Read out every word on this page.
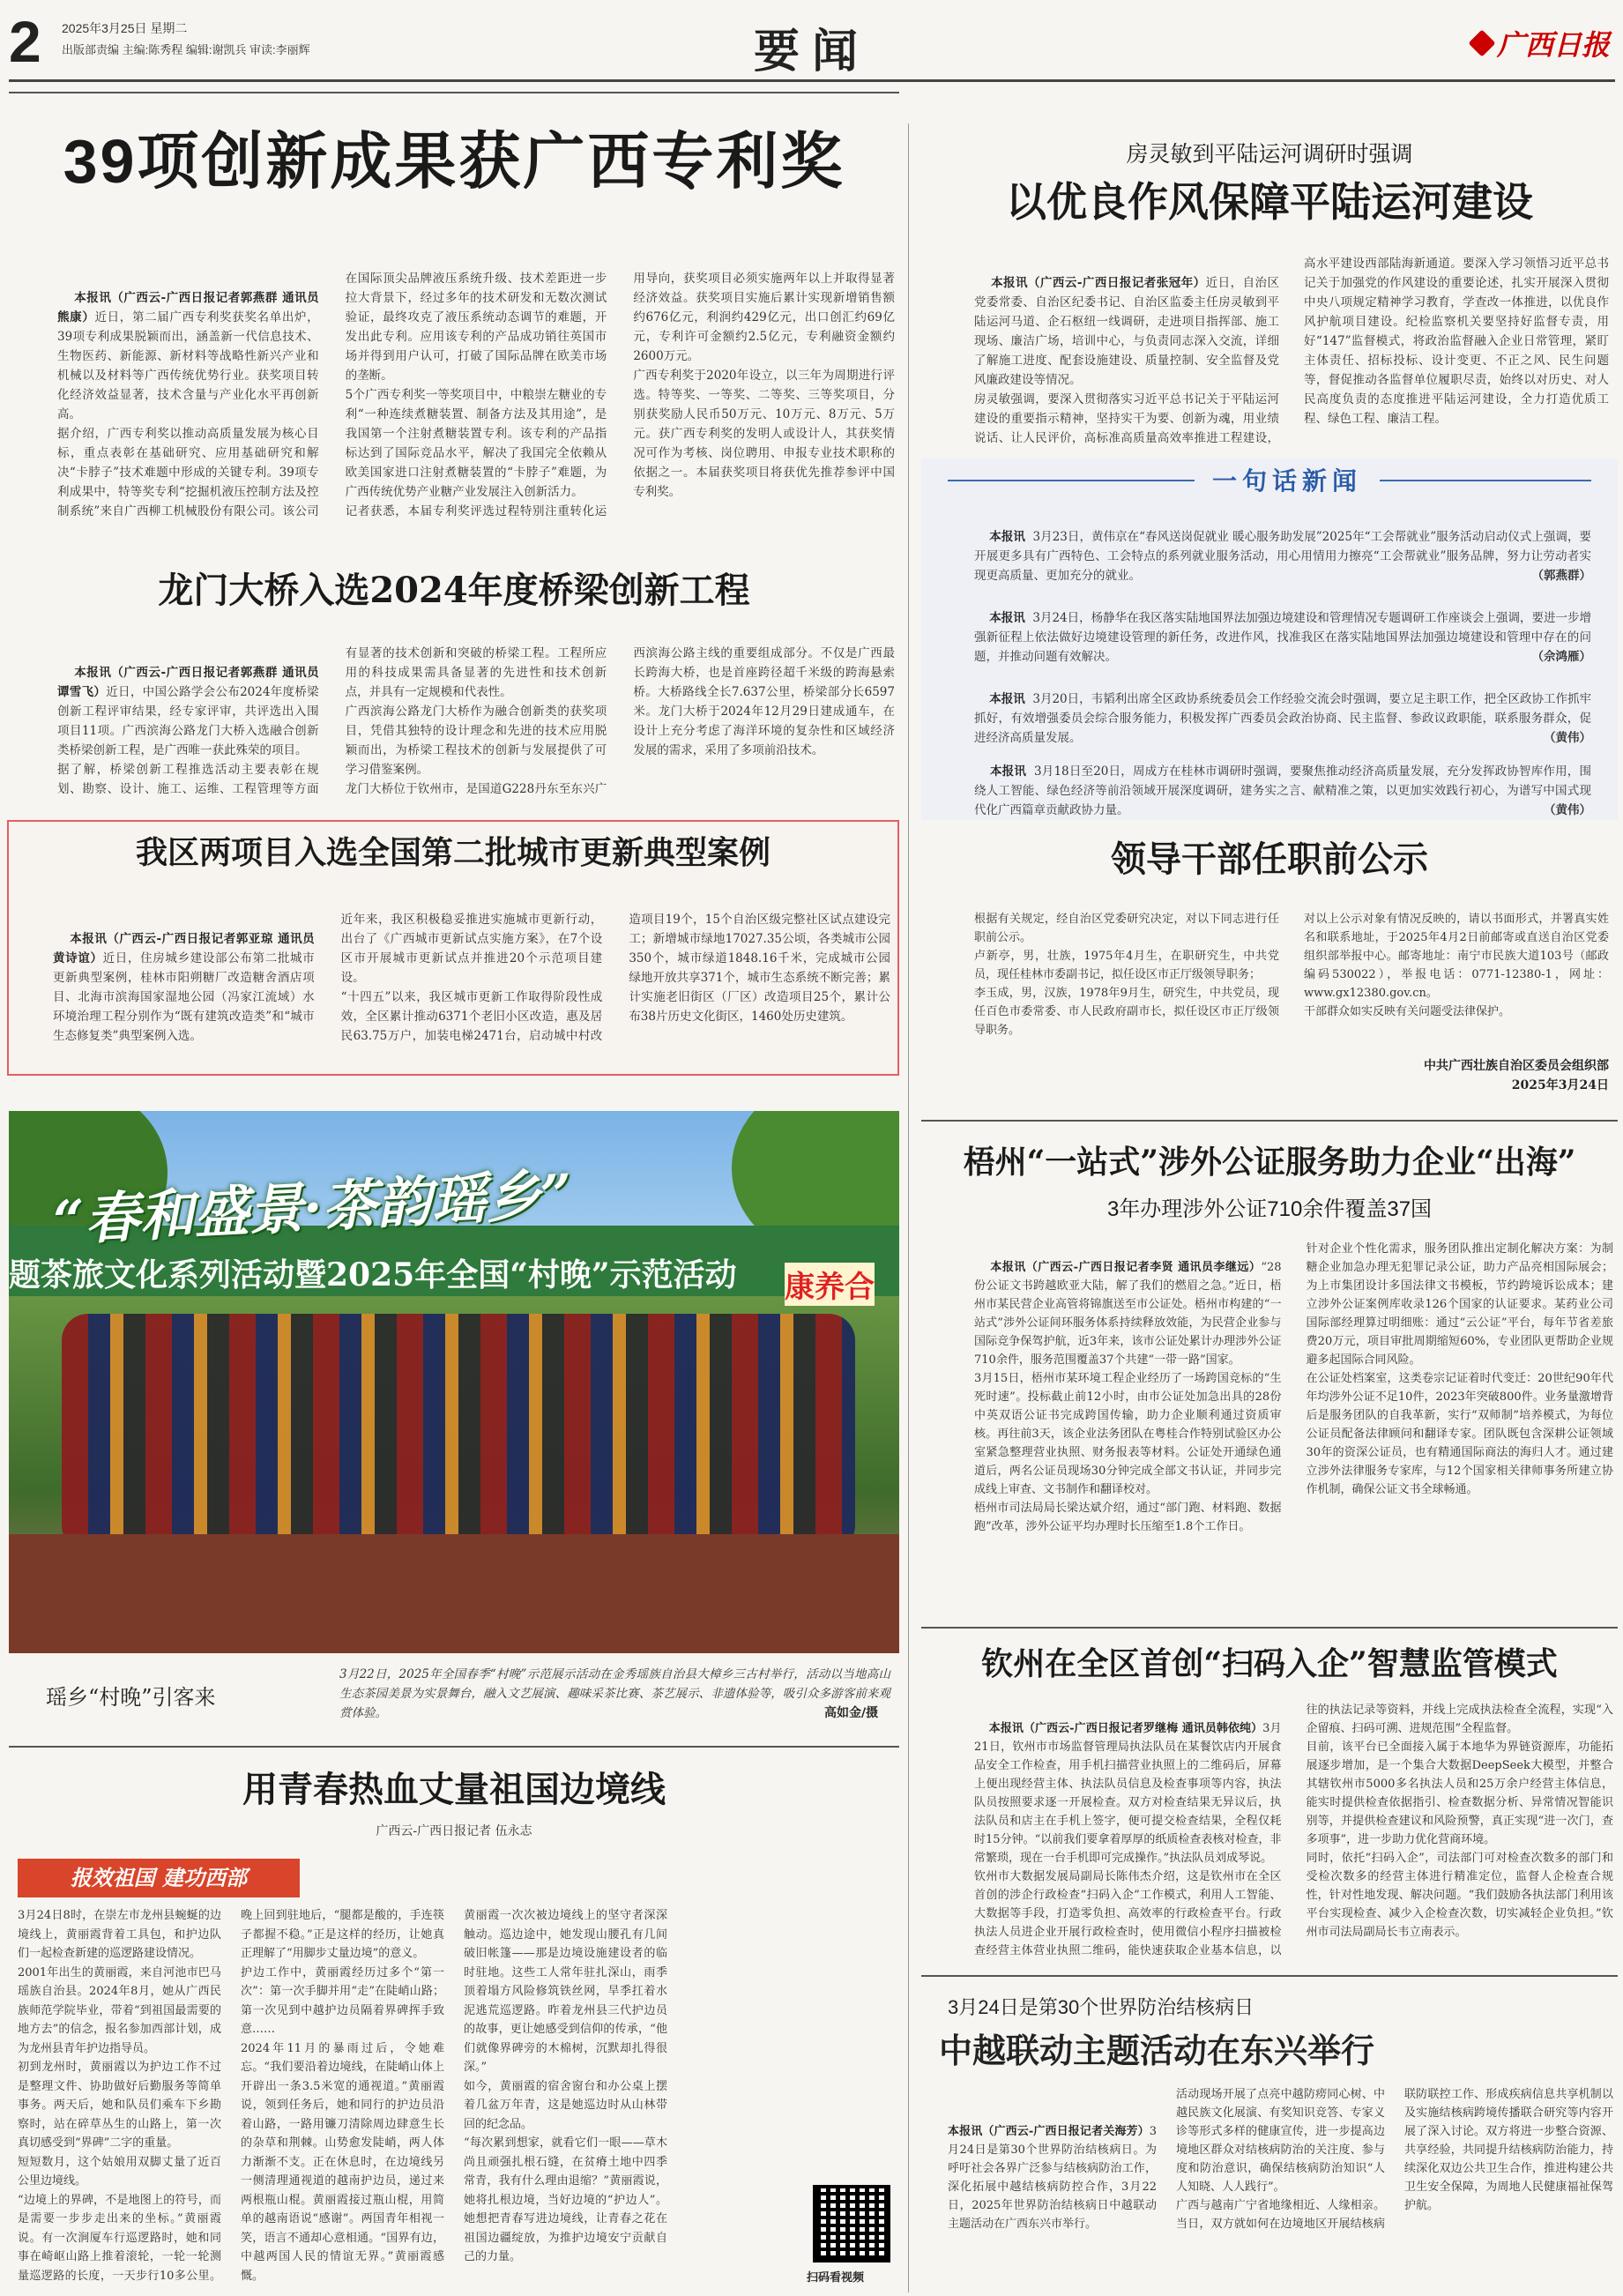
2 2025年3月25日 星期二
出版部责编 主编:陈秀程 编辑:谢凯兵 审读:李丽辉	要闻	广西日报
39项创新成果获广西专利奖

本报讯（广西云-广西日报记者郭燕群 通讯员熊康）近日，第二届广西专利奖获奖名单出炉，39项专利成果脱颖而出，涵盖新一代信息技术、生物医药、新能源、新材料等战略性新兴产业和机械以及材料等广西传统优势行业。获奖项目转化经济效益显著，技术含量与产业化水平再创新高。
据介绍，广西专利奖以推动高质量发展为核心目标，重点表彰在基础研究、应用基础研究和解决“卡脖子”技术难题中形成的关键专利。39项专利成果中，特等奖专利“挖掘机液压控制方法及控制系统”来自广西柳工机械股份有限公司。该公司在国际顶尖品牌液压系统升级、技术差距进一步拉大背景下，经过多年的技术研发和无数次测试验证，最终攻克了液压系统动态调节的难题，开发出此专利。应用该专利的产品成功销往英国市场并得到用户认可，打破了国际品牌在欧美市场的垄断。
5个广西专利奖一等奖项目中，中粮崇左糖业的专利“一种连续煮糖装置、制备方法及其用途”，是我国第一个注射煮糖装置专利。该专利的产品指标达到了国际竞品水平，解决了我国完全依赖从欧美国家进口注射煮糖装置的“卡脖子”难题，为广西传统优势产业糖产业发展注入创新活力。
记者获悉，本届专利奖评选过程特别注重转化运用导向，获奖项目必须实施两年以上并取得显著经济效益。获奖项目实施后累计实现新增销售额约676亿元，利润约429亿元，出口创汇约69亿元，专利许可金额约2.5亿元，专利融资金额约2600万元。
广西专利奖于2020年设立，以三年为周期进行评选。特等奖、一等奖、二等奖、三等奖项目，分别获奖励人民币50万元、10万元、8万元、5万元。获广西专利奖的发明人或设计人，其获奖情况可作为考核、岗位聘用、申报专业技术职称的依据之一。本届获奖项目将获优先推荐参评中国专利奖。

龙门大桥入选2024年度桥梁创新工程

本报讯（广西云-广西日报记者郭燕群 通讯员谭雪飞）近日，中国公路学会公布2024年度桥梁创新工程评审结果，经专家评审，共评选出入围项目11项。广西滨海公路龙门大桥入选融合创新类桥梁创新工程，是广西唯一获此殊荣的项目。
据了解，桥梁创新工程推选活动主要表彰在规划、勘察、设计、施工、运维、工程管理等方面有显著的技术创新和突破的桥梁工程。工程所应用的科技成果需具备显著的先进性和技术创新点，并具有一定规模和代表性。
广西滨海公路龙门大桥作为融合创新类的获奖项目，凭借其独特的设计理念和先进的技术应用脱颖而出，为桥梁工程技术的创新与发展提供了可学习借鉴案例。
龙门大桥位于钦州市，是国道G228丹东至东兴广西滨海公路主线的重要组成部分。不仅是广西最长跨海大桥，也是首座跨径超千米级的跨海悬索桥。大桥路线全长7.637公里，桥梁部分长6597米。龙门大桥于2024年12月29日建成通车，在设计上充分考虑了海洋环境的复杂性和区域经济发展的需求，采用了多项前沿技术。

我区两项目入选全国第二批城市更新典型案例

本报讯（广西云-广西日报记者郭亚琼 通讯员黄诗谊）近日，住房城乡建设部公布第二批城市更新典型案例，桂林市阳朔糖厂改造糖舍酒店项目、北海市滨海国家湿地公园（冯家江流域）水环境治理工程分别作为“既有建筑改造类”和“城市生态修复类”典型案例入选。
近年来，我区积极稳妥推进实施城市更新行动，出台了《广西城市更新试点实施方案》，在7个设区市开展城市更新试点并推进20个示范项目建设。
“十四五”以来，我区城市更新工作取得阶段性成效，全区累计推动6371个老旧小区改造，惠及居民63.75万户，加装电梯2471台，启动城中村改造项目19个，15个自治区级完整社区试点建设完工；新增城市绿地17027.35公顷，各类城市公园350个，城市绿道1848.16千米，完成城市公园绿地开放共享371个，城市生态系统不断完善；累计实施老旧街区（厂区）改造项目25个，累计公布38片历史文化街区，1460处历史建筑。

房灵敏到平陆运河调研时强调
以优良作风保障平陆运河建设

本报讯（广西云-广西日报记者张冠年）近日，自治区党委常委、自治区纪委书记、自治区监委主任房灵敏到平陆运河马道、企石枢纽一线调研，走进项目指挥部、施工现场、廉洁广场，培训中心，与负责同志深入交流，详细了解施工进度、配套设施建设、质量控制、安全监督及党风廉政建设等情况。
房灵敏强调，要深入贯彻落实习近平总书记关于平陆运河建设的重要指示精神，坚持实干为要、创新为魂，用业绩说话、让人民评价，高标准高质量高效率推进工程建设，高水平建设西部陆海新通道。要深入学习领悟习近平总书记关于加强党的作风建设的重要论述，扎实开展深入贯彻中央八项规定精神学习教育，学查改一体推进，以优良作风护航项目建设。纪检监察机关要坚持好监督专责，用好“147”监督模式，将政治监督融入企业日常管理，紧盯主体责任、招标投标、设计变更、不正之风、民生问题等，督促推动各监督单位履职尽责，始终以对历史、对人民高度负责的态度推进平陆运河建设，全力打造优质工程、绿色工程、廉洁工程。

一句话新闻

本报讯 3月23日，黄伟京在“春风送岗促就业 暖心服务助发展”2025年“工会帮就业”服务活动启动仪式上强调，要开展更多具有广西特色、工会特点的系列就业服务活动，用心用情用力擦亮“工会帮就业”服务品牌，努力让劳动者实现更高质量、更加充分的就业。	（郭燕群）

本报讯 3月24日，杨静华在我区落实陆地国界法加强边境建设和管理情况专题调研工作座谈会上强调，要进一步增强新征程上依法做好边境建设管理的新任务，改进作风，找准我区在落实陆地国界法加强边境建设和管理中存在的问题，并推动问题有效解决。	（佘鸿雁）

本报讯 3月20日，韦韬利出席全区政协系统委员会工作经验交流会时强调，要立足主职工作，把全区政协工作抓牢抓好，有效增强委员会综合服务能力，积极发挥广西委员会政治协商、民主监督、参政议政职能，联系服务群众，促进经济高质量发展。	（黄伟）

本报讯 3月18日至20日，周成方在桂林市调研时强调，要聚焦推动经济高质量发展，充分发挥政协智库作用，围绕人工智能、绿色经济等前沿领域开展深度调研，建务实之言、献精准之策，以更加实效践行初心，为谱写中国式现代化广西篇章贡献政协力量。	（黄伟）

领导干部任职前公示
根据有关规定，经自治区党委研究决定，对以下同志进行任职前公示。
卢新亭，男，壮族，1975年4月生，在职研究生，中共党员，现任桂林市委副书记，拟任设区市正厅级领导职务；
李玉成，男，汉族，1978年9月生，研究生，中共党员，现任百色市委常委、市人民政府副市长，拟任设区市正厅级领导职务。
对以上公示对象有情况反映的，请以书面形式，并署真实姓名和联系地址，于2025年4月2日前邮寄或直送自治区党委组织部举报中心。邮寄地址：南宁市民族大道103号（邮政编码530022），举报电话：0771-12380-1，网址：www.gx12380.gov.cn。
干部群众如实反映有关问题受法律保护。
中共广西壮族自治区委员会组织部
2025年3月24日
“春和盛景·茶韵瑶乡”
题茶旅文化系列活动暨2025年全国“村晚”示范活动 康养合
瑶乡“村晚”引客来
3月22日，2025年全国春季“村晚”示范展示活动在金秀瑶族自治县大樟乡三古村举行，活动以当地高山生态茶园美景为实景舞台，融入文艺展演、趣味采茶比赛、茶艺展示、非遗体验等，吸引众多游客前来观赏体验。	高如金/摄
用青春热血丈量祖国边境线
广西云-广西日报记者 伍永志
报效祖国 建功西部
3月24日8时，在崇左市龙州县蜿蜒的边境线上，黄丽霞背着工具包，和护边队们一起检查新建的巡逻路建设情况。
2001年出生的黄丽霞，来自河池市巴马瑶族自治县。2024年8月，她从广西民族师范学院毕业，带着“到祖国最需要的地方去”的信念，报名参加西部计划，成为龙州县青年护边指导员。
初到龙州时，黄丽霞以为护边工作不过是整理文件、协助做好后勤服务等简单事务。两天后，她和队员们乘车下乡勘察时，站在碎草丛生的山路上，第一次真切感受到“界碑”二字的重量。
短短数月，这个姑娘用双脚丈量了近百公里边境线。
“边境上的界碑，不是地图上的符号，而是需要一步步走出来的坐标。”黄丽霞说。有一次涧厦车行巡逻路时，她和同事在崎岖山路上推着滚轮，一轮一轮测量巡逻路的长度，一天步行10多公里。晚上回到驻地后，“腿都是酸的，手连筷子都握不稳。”正是这样的经历，让她真正理解了“用脚步丈量边境”的意义。
护边工作中，黄丽霞经历过多个“第一次”：第一次手脚并用“走”在陡峭山路；第一次见到中越护边员隔着界碑挥手致意……
2024年11月的暴雨过后，令她难忘。“我们要沿着边境线，在陡峭山体上开辟出一条3.5米宽的通视道。”黄丽霞说，领到任务后，她和同行的护边员沿着山路，一路用镰刀清除周边肆意生长的杂草和荆棘。山势愈发陡峭，两人体力渐渐不支。正在休息时，在边境线另一侧清理通视道的越南护边员，递过来两根瓶山棍。黄丽霞接过瓶山棍，用简单的越南语说“感谢”。两国青年相视一笑，语言不通却心意相通。“国界有边，中越两国人民的情谊无界。”黄丽霞感慨。
黄丽霞一次次被边境线上的坚守者深深触动。巡边途中，她发现山腰孔有几间破旧帐篷——那是边境设施建设者的临时驻地。这些工人常年驻扎深山，雨季顶着塌方风险修筑铁丝网，旱季扛着水泥逃荒巡逻路。昨着龙州县三代护边员的故事，更让她感受到信仰的传承，“他们就像界碑旁的木棉树，沉默却扎得很深。”
如今，黄丽霞的宿舍窗台和办公桌上摆着几盆万年青，这是她巡边时从山林带回的纪念品。
“每次累到想家，就看它们一眼——草木尚且顽强扎根石缝，在贫瘠土地中四季常青，我有什么理由退缩？”黄丽霞说，她将扎根边境，当好边境的“护边人”。她想把青春写进边境线，让青春之花在祖国边疆绽放，为推护边境安宁贡献自己的力量。
扫码看视频
梧州“一站式”涉外公证服务助力企业“出海”
3年办理涉外公证710余件覆盖37国

本报讯（广西云-广西日报记者李贤 通讯员李继远）“28份公证文书跨越欧亚大陆，解了我们的燃眉之急。”近日，梧州市某民营企业高管将锦旗送至市公证处。梧州市构建的“一站式”涉外公证间环服务体系持续释放效能，为民营企业参与国际竞争保驾护航，近3年来，该市公证处累计办理涉外公证710余件，服务范围覆盖37个共建“一带一路”国家。
3月15日，梧州市某环境工程企业经历了一场跨国竞标的“生死时速”。投标截止前12小时，由市公证处加急出具的28份中英双语公证书完成跨国传输，助力企业顺利通过资质审核。再往前3天，该企业法务团队在粤桂合作特别试验区办公室紧急整理营业执照、财务报表等材料。公证处开通绿色通道后，两名公证员现场30分钟完成全部文书认证，并同步完成线上审查、文书制作和翻译校对。
梧州市司法局局长梁达斌介绍，通过“部门跑、材料跑、数据跑”改革，涉外公证平均办理时长压缩至1.8个工作日。
针对企业个性化需求，服务团队推出定制化解决方案：为制糖企业加急办理无犯罪记录公证，助力产品亮相国际展会；为上市集团设计多国法律文书模板，节约跨境诉讼成本；建立涉外公证案例库收录126个国家的认证要求。某药业公司国际部经理算过明细账：通过“云公证”平台，每年节省差旅费20万元，项目审批周期缩短60%，专业团队更帮助企业规避多起国际合同风险。
在公证处档案室，这类卷宗记证着时代变迁：20世纪90年代年均涉外公证不足10件，2023年突破800件。业务量激增背后是服务团队的自我革新，实行“双师制”培养模式，为每位公证员配备法律顾问和翻译专家。团队既包含深耕公证领域30年的资深公证员，也有精通国际商法的海归人才。通过建立涉外法律服务专家库，与12个国家相关律师事务所建立协作机制，确保公证文书全球畅通。

钦州在全区首创“扫码入企”智慧监管模式

本报讯（广西云-广西日报记者罗继梅 通讯员韩依纯）3月21日，钦州市市场监督管理局执法队员在某餐饮店内开展食品安全工作检查，用手机扫描营业执照上的二维码后，屏幕上便出现经营主体、执法队员信息及检查事项等内容，执法队员按照要求逐一开展检查。双方对检查结果无异议后，执法队员和店主在手机上签字，便可提交检查结果，全程仅耗时15分钟。“以前我们要拿着厚厚的纸质检查表核对检查，非常繁琐，现在一台手机即可完成操作。”执法队员刘成琴说。
钦州市大数据发展局副局长陈伟杰介绍，这是钦州市在全区首创的涉企行政检查“扫码入企”工作模式，利用人工智能、大数据等手段，打造零负担、高效率的行政检查平台。行政执法人员进企业开展行政检查时，使用微信小程序扫描被检查经营主体营业执照二维码，能快速获取企业基本信息，以往的执法记录等资料，并线上完成执法检查全流程，实现“入企留痕、扫码可溯、进规范围”全程监督。
目前，该平台已全面接入属于本地华为界链资源库，功能拓展逐步增加，是一个集合大数据DeepSeek大模型，并整合其辖钦州市5000多名执法人员和25万余户经营主体信息，能实时提供检查依据指引、检查数据分析、异常情况智能识别等，并提供检查建议和风险预警，真正实现“进一次门，查多项事”，进一步助力优化营商环境。
同时，依托“扫码入企”，司法部门可对检查次数多的部门和受检次数多的经营主体进行精准定位，监督人企检查合规性，针对性地发现、解决问题。“我们鼓励各执法部门利用该平台实现检查、减少入企检查次数，切实减轻企业负担。”钦州市司法局副局长韦立南表示。

3月24日是第30个世界防治结核病日
中越联动主题活动在东兴举行

本报讯（广西云-广西日报记者关海芳）3月24日是第30个世界防治结核病日。为呼吁社会各界广泛参与结核病防治工作，深化拓展中越结核病防控合作，3月22日，2025年世界防治结核病日中越联动主题活动在广西东兴市举行。
活动现场开展了点亮中越防痨同心树、中越民族文化展演、有奖知识竞答、专家义诊等形式多样的健康宣传，进一步提高边境地区群众对结核病防治的关注度、参与度和防治意识，确保结核病防治知识“人人知晓、人人践行”。
广西与越南广宁省地缘相近、人缘相亲。当日，双方就如何在边境地区开展结核病联防联控工作、形成疾病信息共享机制以及实施结核病跨境传播联合研究等内容开展了深入讨论。双方将进一步整合资源、共享经验，共同提升结核病防治能力，持续深化双边公共卫生合作，推进构建公共卫生安全保障，为周地人民健康福祉保驾护航。
